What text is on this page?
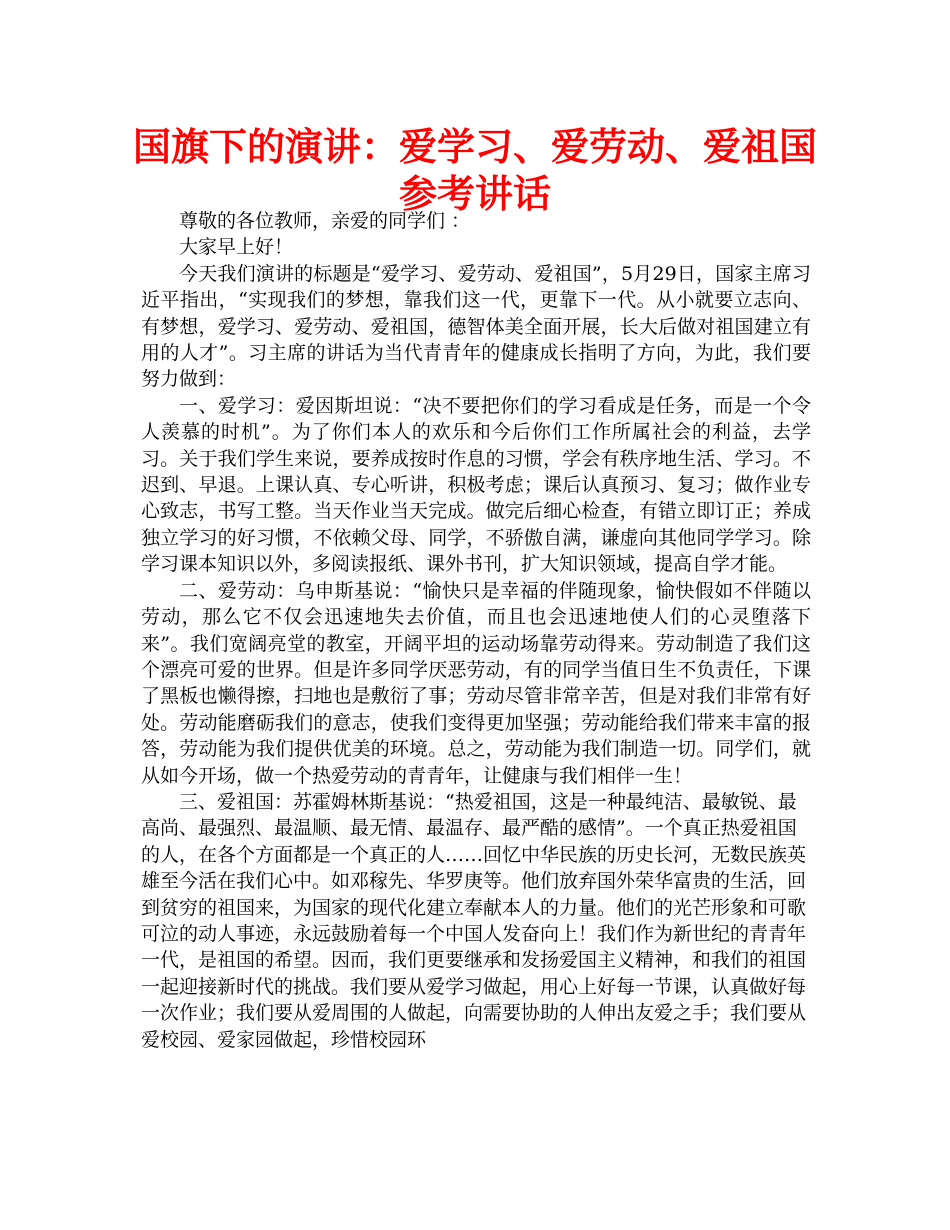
国旗下的演讲：爱学习、爱劳动、爱祖国
参考讲话

尊敬的各位教师，亲爱的同学们 ：

大家早上好！

今天我们演讲的标题是“爱学习、爱劳动、爱祖国”，5月29日，国家主席习近平指出，“实现我们的梦想，靠我们这一代，更靠下一代。从小就要立志向、有梦想，爱学习、爱劳动、爱祖国，德智体美全面开展，长大后做对祖国建立有用的人才”。习主席的讲话为当代青青年的健康成长指明了方向，为此，我们要努力做到：

一、爱学习：爱因斯坦说：“决不要把你们的学习看成是任务，而是一个令人羡慕的时机”。为了你们本人的欢乐和今后你们工作所属社会的利益，去学习。关于我们学生来说，要养成按时作息的习惯，学会有秩序地生活、学习。不迟到、早退。上课认真、专心听讲，积极考虑；课后认真预习、复习；做作业专心致志，书写工整。当天作业当天完成。做完后细心检查，有错立即订正；养成独立学习的好习惯，不依赖父母、同学，不骄傲自满，谦虚向其他同学学习。除学习课本知识以外，多阅读报纸、课外书刊，扩大知识领域，提高自学才能。

二、爱劳动：乌申斯基说：“愉快只是幸福的伴随现象，愉快假如不伴随以劳动，那么它不仅会迅速地失去价值，而且也会迅速地使人们的心灵堕落下来”。我们宽阔亮堂的教室，开阔平坦的运动场靠劳动得来。劳动制造了我们这个漂亮可爱的世界。但是许多同学厌恶劳动，有的同学当值日生不负责任，下课了黑板也懒得擦，扫地也是敷衍了事；劳动尽管非常辛苦，但是对我们非常有好处。劳动能磨砺我们的意志，使我们变得更加坚强；劳动能给我们带来丰富的报答，劳动能为我们提供优美的环境。总之，劳动能为我们制造一切。同学们，就从如今开场，做一个热爱劳动的青青年，让健康与我们相伴一生！

三、爱祖国：苏霍姆林斯基说：“热爱祖国，这是一种最纯洁、最敏锐、最高尚、最强烈、最温顺、最无情、最温存、最严酷的感情”。一个真正热爱祖国的人，在各个方面都是一个真正的人……回忆中华民族的历史长河，无数民族英雄至今活在我们心中。如邓稼先、华罗庚等。他们放弃国外荣华富贵的生活，回到贫穷的祖国来，为国家的现代化建立奉献本人的力量。他们的光芒形象和可歌可泣的动人事迹，永远鼓励着每一个中国人发奋向上！我们作为新世纪的青青年一代，是祖国的希望。因而，我们更要继承和发扬爱国主义精神，和我们的祖国一起迎接新时代的挑战。我们要从爱学习做起，用心上好每一节课，认真做好每一次作业；我们要从爱周围的人做起，向需要协助的人伸出友爱之手；我们要从爱校园、爱家园做起，珍惜校园环
